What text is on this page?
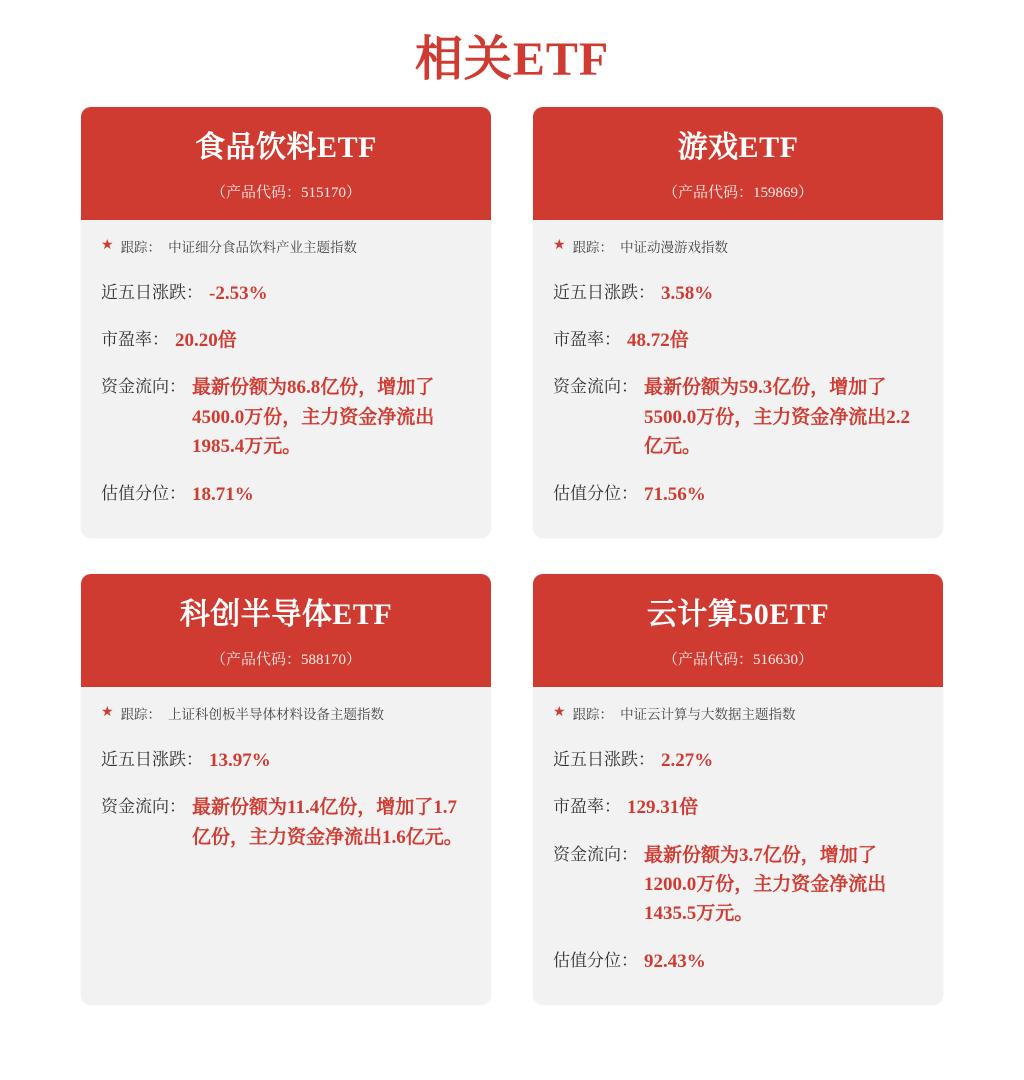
相关ETF
食品饮料ETF
（产品代码：515170）
★ 跟踪： 中证细分食品饮料产业主题指数
近五日涨跌： -2.53%
市盈率： 20.20倍
资金流向： 最新份额为86.8亿份，增加了4500.0万份，主力资金净流出1985.4万元。
估值分位： 18.71%
游戏ETF
（产品代码：159869）
★ 跟踪： 中证动漫游戏指数
近五日涨跌： 3.58%
市盈率： 48.72倍
资金流向： 最新份额为59.3亿份，增加了5500.0万份，主力资金净流出2.2亿元。
估值分位： 71.56%
科创半导体ETF
（产品代码：588170）
★ 跟踪： 上证科创板半导体材料设备主题指数
近五日涨跌： 13.97%
资金流向： 最新份额为11.4亿份，增加了1.7亿份，主力资金净流出1.6亿元。
云计算50ETF
（产品代码：516630）
★ 跟踪： 中证云计算与大数据主题指数
近五日涨跌： 2.27%
市盈率： 129.31倍
资金流向： 最新份额为3.7亿份，增加了1200.0万份，主力资金净流出1435.5万元。
估值分位： 92.43%
